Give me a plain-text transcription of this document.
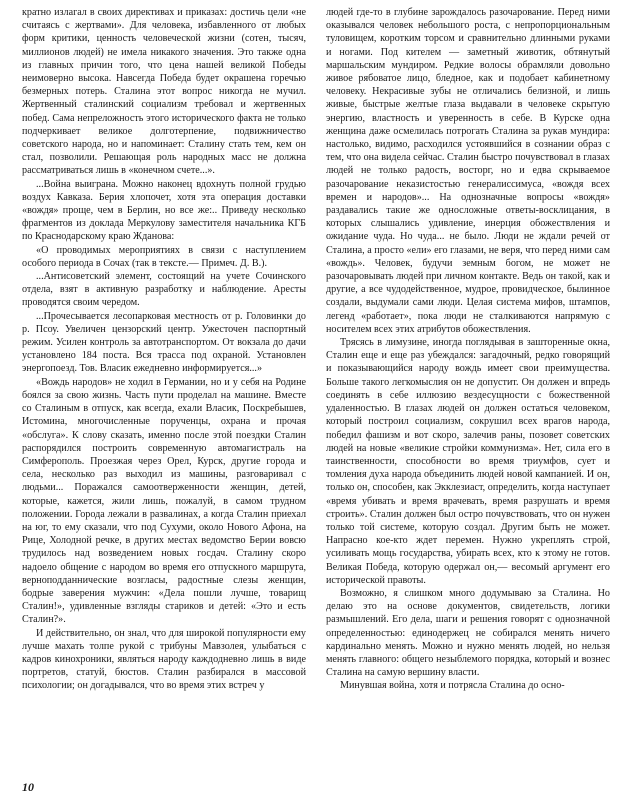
кратно излагал в своих директивах и приказах: достичь цели «не считаясь с жертвами». Для человека, избавленного от любых форм критики, ценность человеческой жизни (сотен, тысяч, миллионов людей) не имела никакого значения. Это также одна из главных причин того, что цена нашей великой Победы неимоверно высока. Навсегда Победа будет окрашена горечью безмерных потерь. Сталина этот вопрос никогда не мучил. Жертвенный сталинский социализм требовал и жертвенных побед. Сама непреложность этого исторического факта не только подчеркивает великое долготерпение, подвижничество советского народа, но и напоминает: Сталину стать тем, кем он стал, позволили. Решающая роль народных масс не должна рассматриваться лишь в «конечном счете...».

...Война выиграна. Можно наконец вдохнуть полной грудью воздух Кавказа. Берия хлопочет, хотя эта операция доставки «вождя» проще, чем в Берлин, но все же:.. Приведу несколько фрагментов из доклада Меркулову заместителя начальника КГБ по Краснодарскому краю Жданова:

«О проводимых мероприятиях в связи с наступлением особого периода в Сочах (так в тексте.— Примеч. Д. В.).

...Антисоветский элемент, состоящий на учете Сочинского отдела, взят в активную разработку и наблюдение. Аресты проводятся своим чередом.

...Прочесывается лесопарковая местность от р. Головинки до р. Псоу. Увеличен цензорский центр. Ужесточен паспортный режим. Усилен контроль за автотранспортом. От вокзала до дачи установлено 184 поста. Вся трасса под охраной. Установлен энергопоезд. Тов. Власик ежедневно информируется...»

«Вождь народов» не ходил в Германии, но и у себя на Родине боялся за свою жизнь. Часть пути проделал на машине. Вместе со Сталиным в отпуск, как всегда, ехали Власик, Поскребышев, Истомина, многочисленные порученцы, охрана и прочая «обслуга». К слову сказать, именно после этой поездки Сталин распорядился построить современную автомагистраль на Симферополь. Проезжая через Орел, Курск, другие города и села, несколько раз выходил из машины, разговаривал с людьми... Поражался самоотверженности женщин, детей, которые, кажется, жили лишь, пожалуй, в самом трудном положении. Города лежали в развалинах, а когда Сталин приехал на юг, то ему сказали, что под Сухуми, около Нового Афона, на Рице, Холодной речке, в других местах ведомство Берии вовсю трудилось над возведением новых госдач. Сталину скоро надоело общение с народом во время его отпускного маршрута, верноподданнические возгласы, радостные слезы женщин, бодрые заверения мужчин: «Дела пошли лучше, товарищ Сталин!», удивленные взгляды стариков и детей: «Это и есть Сталин?».

И действительно, он знал, что для широкой популярности ему лучше махать толпе рукой с трибуны Мавзолея, улыбаться с кадров кинохроники, являться народу каждодневно лишь в виде портретов, статуй, бюстов. Сталин разбирался в массовой психологии; он догадывался, что во время этих встреч у

людей где-то в глубине зарождалось разочарование. Перед ними оказывался человек небольшого роста, с непропорциональным туловищем, коротким торсом и сравнительно длинными руками и ногами. Под кителем — заметный животик, обтянутый маршальским мундиром. Редкие волосы обрамляли довольно живое рябоватое лицо, бледное, как и подобает кабинетному человеку. Некрасивые зубы не отличались белизной, и лишь живые, быстрые желтые глаза выдавали в человеке скрытую энергию, властность и уверенность в себе. В Курске одна женщина даже осмелилась потрогать Сталина за рукав мундира: настолько, видимо, расходился устоявшийся в сознании образ с тем, что она видела сейчас. Сталин быстро почувствовал в глазах людей не только радость, восторг, но и едва скрываемое разочарование неказистостью генералиссимуса, «вождя всех времен и народов»... На однозначные вопросы «вождя» раздавались такие же односложные ответы-восклицания, в которых слышались удивление, инерция обожествления и ожидание чуда. Но чуда... не было. Люди не ждали речей от Сталина, а просто «ели» его глазами, не веря, что перед ними сам «вождь». Человек, будучи земным богом, не может не разочаровывать людей при личном контакте. Ведь он такой, как и другие, а все чудодейственное, мудрое, провидческое, былинное создали, выдумали сами люди. Целая система мифов, штампов, легенд «работает», пока люди не сталкиваются напрямую с носителем всех этих атрибутов обожествления.

Трясясь в лимузине, иногда поглядывая в зашторенные окна, Сталин еще и еще раз убеждался: загадочный, редко говорящий и показывающийся народу вождь имеет свои преимущества. Больше такого легкомыслия он не допустит. Он должен и впредь соединять в себе иллюзию вездесущности с божественной удаленностью. В глазах людей он должен остаться человеком, который построил социализм, сокрушил всех врагов народа, победил фашизм и вот скоро, залечив раны, позовет советских людей на новые «великие стройки коммунизма». Нет, сила его в таинственности, способности во время триумфов, сует и томления духа народа объединить людей новой кампанией. И он, только он, способен, как Экклезиаст, определить, когда наступает «время убивать и время врачевать, время разрушать и время строить». Сталин должен был остро почувствовать, что он нужен только той системе, которую создал. Другим быть не может. Напрасно кое-кто ждет перемен. Нужно укреплять строй, усиливать мощь государства, убирать всех, кто к этому не готов. Великая Победа, которую одержал он,— весомый аргумент его исторической правоты.

Возможно, я слишком много додумываю за Сталина. Но делаю это на основе документов, свидетельств, логики размышлений. Его дела, шаги и решения говорят с однозначной определенностью: единодержец не собирался менять ничего кардинально менять. Можно и нужно менять людей, но нельзя менять главного: общего незыблемого порядка, который и вознес Сталина на самую вершину власти.

Минувшая война, хотя и потрясла Сталина до осно-

10
